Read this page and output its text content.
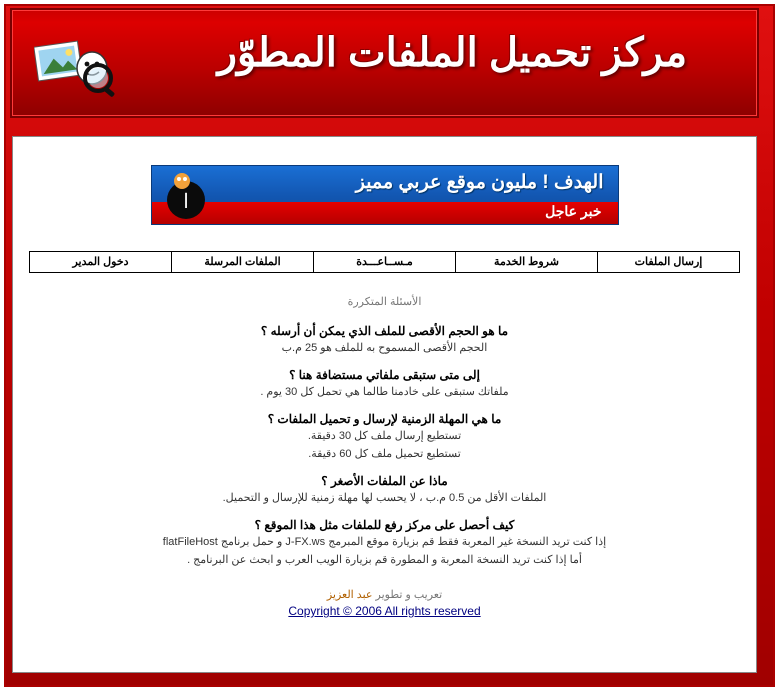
مركز تحميل الملفات المطوّر
الهدف ! مليون موقع عربي مميز
خبر عاجل
ا
إرسال الملفات
شروط الخدمة
مـســاعـــدة
الملفات المرسلة
دخول المدير
الأسئلة المتكررة
ما هو الحجم الأقصى للملف الذي يمكن أن أرسله ؟
الحجم الأقصى المسموح به للملف هو 25 م.ب
إلى متى ستبقى ملفاتي مستضافة هنا ؟
ملفاتك ستبقى على خادمنا طالما هي تحمل كل 30 يوم .
ما هي المهلة الزمنية لإرسال و تحميل الملفات ؟
تستطيع إرسال ملف كل 30 دقيقة.
تستطيع تحميل ملف كل 60 دقيقة.
ماذا عن الملفات الأصغر ؟
الملفات الأقل من 0.5 م.ب ، لا يحسب لها مهلة زمنية للإرسال و التحميل.
كيف أحصل على مركز رفع للملفات مثل هذا الموقع ؟
إذا كنت تريد النسخة غير المعربة فقط قم بزيارة موقع المبرمج J-FX.ws و حمل برنامج flatFileHost
أما إذا كنت تريد النسخة المعربة و المطورة قم بزيارة الويب العرب و ابحث عن البرنامج .
تعريب و تطوير عبد العزيز
Copyright © 2006 All rights reserved
